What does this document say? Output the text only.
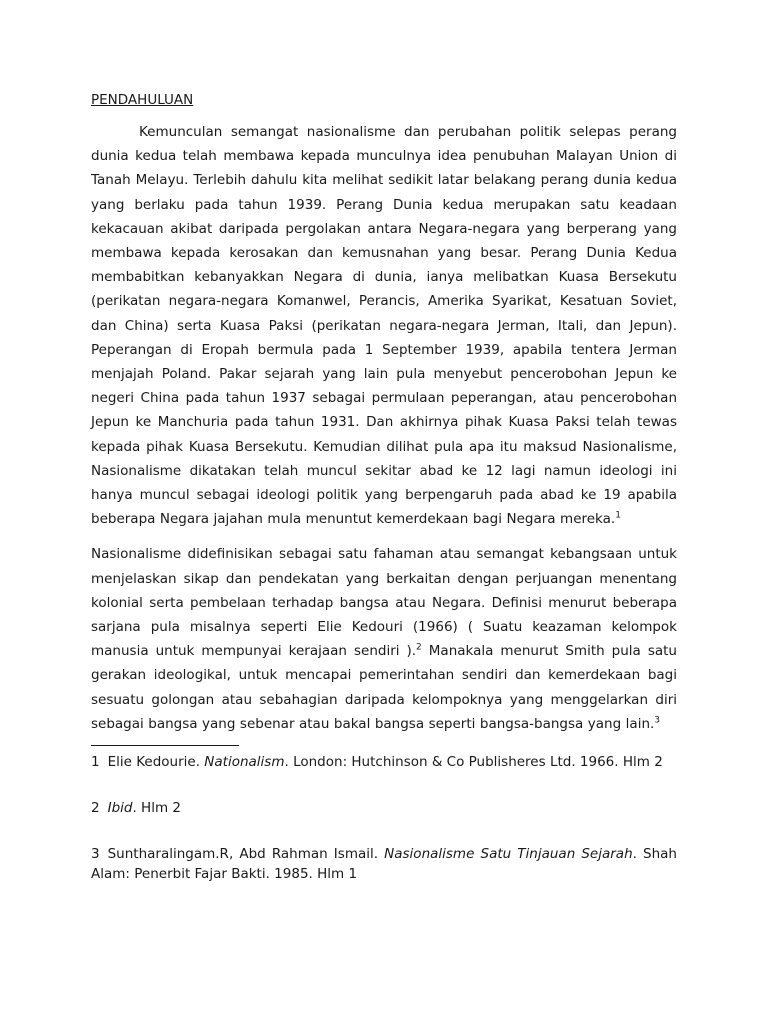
PENDAHULUAN

Kemunculan semangat nasionalisme dan perubahan politik selepas perang dunia kedua telah membawa kepada munculnya idea penubuhan Malayan Union di Tanah Melayu. Terlebih dahulu kita melihat sedikit latar belakang perang dunia kedua yang berlaku pada tahun 1939. Perang Dunia kedua merupakan satu keadaan kekacauan akibat daripada pergolakan antara Negara-negara yang berperang yang membawa kepada kerosakan dan kemusnahan yang besar. Perang Dunia Kedua membabitkan kebanyakkan Negara di dunia, ianya melibatkan Kuasa Bersekutu (perikatan negara-negara Komanwel, Perancis, Amerika Syarikat, Kesatuan Soviet, dan China) serta Kuasa Paksi (perikatan negara-negara Jerman, Itali, dan Jepun). Peperangan di Eropah bermula pada 1 September 1939, apabila tentera Jerman menjajah Poland. Pakar sejarah yang lain pula menyebut pencerobohan Jepun ke negeri China pada tahun 1937 sebagai permulaan peperangan, atau pencerobohan Jepun ke Manchuria pada tahun 1931. Dan akhirnya pihak Kuasa Paksi telah tewas kepada pihak Kuasa Bersekutu. Kemudian dilihat pula apa itu maksud Nasionalisme, Nasionalisme dikatakan telah muncul sekitar abad ke 12 lagi namun ideologi ini hanya muncul sebagai ideologi politik yang berpengaruh pada abad ke 19 apabila beberapa Negara jajahan mula menuntut kemerdekaan bagi Negara mereka.$^1$

Nasionalisme didefinisikan sebagai satu fahaman atau semangat kebangsaan untuk menjelaskan sikap dan pendekatan yang berkaitan dengan perjuangan menentang kolonial serta pembelaan terhadap bangsa atau Negara. Definisi menurut beberapa sarjana pula misalnya seperti Elie Kedouri (1966) ( Suatu keazaman kelompok manusia untuk mempunyai kerajaan sendiri ).$^2$ Manakala menurut Smith pula satu gerakan ideologikal, untuk mencapai pemerintahan sendiri dan kemerdekaan bagi sesuatu golongan atau sebahagian daripada kelompoknya yang menggelarkan diri sebagai bangsa yang sebenar atau bakal bangsa seperti bangsa-bangsa yang lain.$^3$

1 Elie Kedourie. Nationalism. London: Hutchinson & Co Publisheres Ltd. 1966. Hlm 2

2 Ibid. Hlm 2

3 Suntharalingam.R, Abd Rahman Ismail. Nasionalisme Satu Tinjauan Sejarah. Shah Alam: Penerbit Fajar Bakti. 1985. Hlm 1
